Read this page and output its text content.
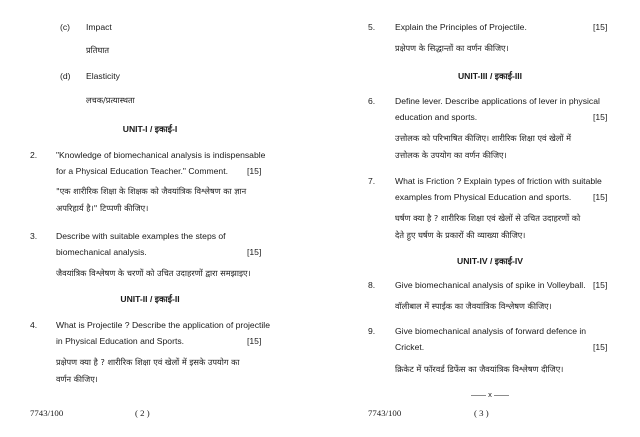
(c) Impact
प्रतिघात
(d) Elasticity
लचक/प्रत्यास्थता
UNIT-I / इकाई-I
2. "Knowledge of biomechanical analysis is indispensable
for a Physical Education Teacher." Comment. [15]
"एक शारीरिक शिक्षा के शिक्षक को जैवयांत्रिक विश्लेषण का ज्ञान
अपरिहार्य है।" टिप्पणी कीजिए।
3. Describe with suitable examples the steps of
biomechanical analysis.	[15]
जैवयांत्रिक विश्लेषण के चरणों को उचित उदाहरणों द्वारा समझाइए।
UNIT-II / इकाई-II
4. What is Projectile ? Describe the application of projectile
in Physical Education and Sports.	[15]
प्रक्षेपण क्या है ? शारीरिक शिक्षा एवं खेलों में इसके उपयोग का
वर्णन कीजिए।
7743/100	( 2 )
5. Explain the Principles of Projectile.	[15]
प्रक्षेपण के सिद्धान्तों का वर्णन कीजिए।
UNIT-III / इकाई-III
6. Define lever. Describe applications of lever in physical
education and sports.	[15]
उत्तोलक को परिभाषित कीजिए। शारीरिक शिक्षा एवं खेलों में
उत्तोलक के उपयोग का वर्णन कीजिए।
7. What is Friction ? Explain types of friction with suitable
examples from Physical Education and sports.	[15]
घर्षण क्या है ? शारीरिक शिक्षा एवं खेलों से उचित उदाहरणों को
देते हुए घर्षण के प्रकारों की व्याख्या कीजिए।
UNIT-IV / इकाई-IV
8. Give biomechanical analysis of spike in Volleyball. [15]
वॉलीबाल में स्पाईक का जैवयांत्रिक विश्लेषण कीजिए।
9. Give biomechanical analysis of forward defence in
Cricket.	[15]
क्रिकेट में फॉरवर्ड डिफेंस का जैवयांत्रिक विश्लेषण दीजिए।
—— x ——
7743/100	( 3 )
